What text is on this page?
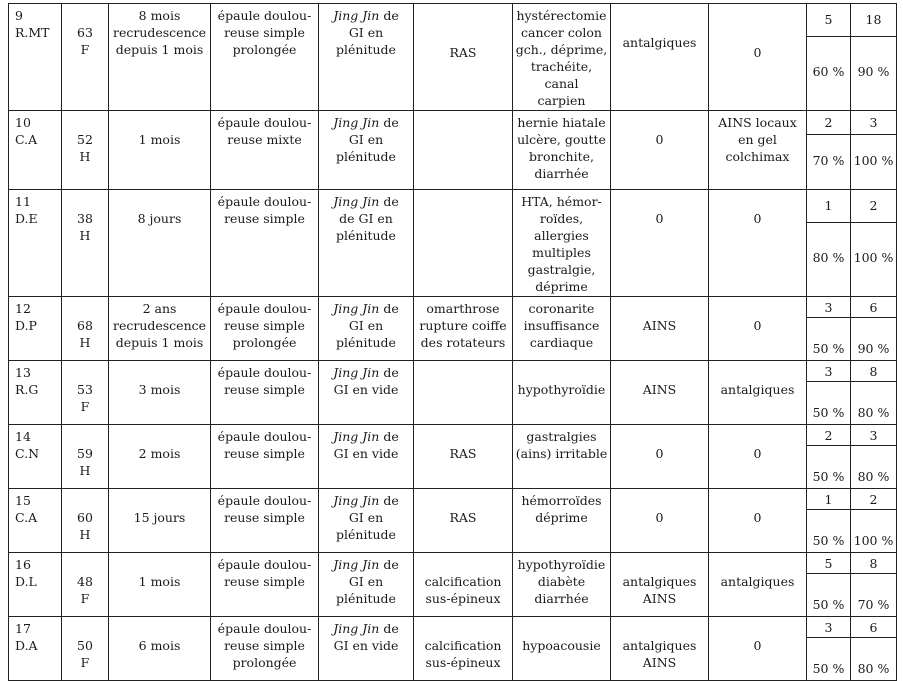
9
R.MT	63
F	8 mois
recrudescence
depuis 1 mois	épaule doulou-
reuse simple
prolongée	Jing Jin de
GI en
plénitude	RAS	hystérectomie
cancer colon
gch., déprime,
trachéite, canal
carpien	antalgiques	0	5	18
									60 %	90 %

10
C.A	52
H	1 mois	épaule doulou-
reuse mixte	Jing Jin de
GI en
plénitude		hernie hiatale
ulcère, goutte
bronchite,
diarrhée	0	AINS locaux
en gel
colchimax	2	3
									70 %	100 %

11
D.E	38
H	8 jours	épaule doulou-
reuse simple	Jing Jin de
de GI en
plénitude		HTA, hémor-
roïdes, allergies
multiples
gastralgie,
déprime	0	0	1	2
									80 %	100 %

12
D.P	68
H	2 ans
recrudescence
depuis 1 mois	épaule doulou-
reuse simple
prolongée	Jing Jin de
GI en
plénitude	omarthrose
rupture coiffe
des rotateurs	coronarite
insuffisance
cardiaque	AINS	0	3	6
									50 %	90 %

13
R.G	53
F	3 mois	épaule doulou-
reuse simple	Jing Jin de
GI en vide		hypothyroïdie	AINS	antalgiques	3	8
									50 %	80 %

14
C.N	59
H	2 mois	épaule doulou-
reuse simple	Jing Jin de
GI en vide	RAS	gastralgies
(ains) irritable	0	0	2	3
									50 %	80 %

15
C.A	60
H	15 jours	épaule doulou-
reuse simple	Jing Jin de
GI en
plénitude	RAS	hémorroïdes
déprime	0	0	1	2
									50 %	100 %

16
D.L	48
F	1 mois	épaule doulou-
reuse simple	Jing Jin de
GI en
plénitude	calcification
sus-épineux	hypothyroïdie
diabète
diarrhée	antalgiques
AINS	antalgiques	5	8
									50 %	70 %

17
D.A	50
F	6 mois	épaule doulou-
reuse simple
prolongée	Jing Jin de
GI en vide	calcification
sus-épineux	hypoacousie	antalgiques
AINS	0	3	6
									50 %	80 %
